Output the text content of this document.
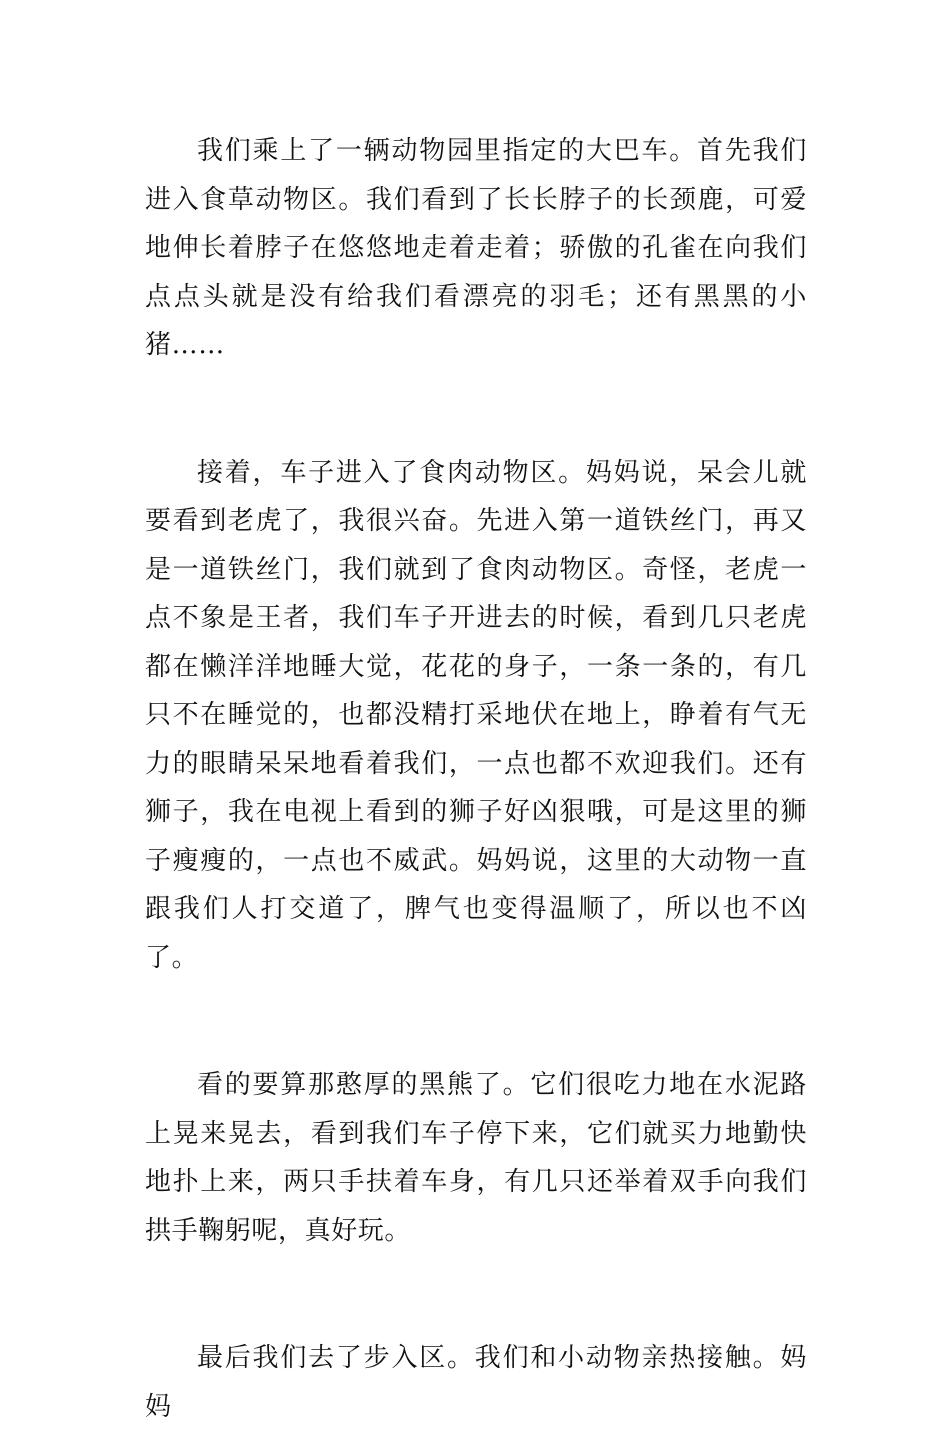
我们乘上了一辆动物园里指定的大巴车。首先我们进入食草动物区。我们看到了长长脖子的长颈鹿，可爱地伸长着脖子在悠悠地走着走着；骄傲的孔雀在向我们点点头就是没有给我们看漂亮的羽毛；还有黑黑的小猪……

接着，车子进入了食肉动物区。妈妈说，呆会儿就要看到老虎了，我很兴奋。先进入第一道铁丝门，再又是一道铁丝门，我们就到了食肉动物区。奇怪，老虎一点不象是王者，我们车子开进去的时候，看到几只老虎都在懒洋洋地睡大觉，花花的身子，一条一条的，有几只不在睡觉的，也都没精打采地伏在地上，睁着有气无力的眼睛呆呆地看着我们，一点也都不欢迎我们。还有狮子，我在电视上看到的狮子好凶狠哦，可是这里的狮子瘦瘦的，一点也不威武。妈妈说，这里的大动物一直跟我们人打交道了，脾气也变得温顺了，所以也不凶了。

看的要算那憨厚的黑熊了。它们很吃力地在水泥路上晃来晃去，看到我们车子停下来，它们就买力地勤快地扑上来，两只手扶着车身，有几只还举着双手向我们拱手鞠躬呢，真好玩。

最后我们去了步入区。我们和小动物亲热接触。妈妈
